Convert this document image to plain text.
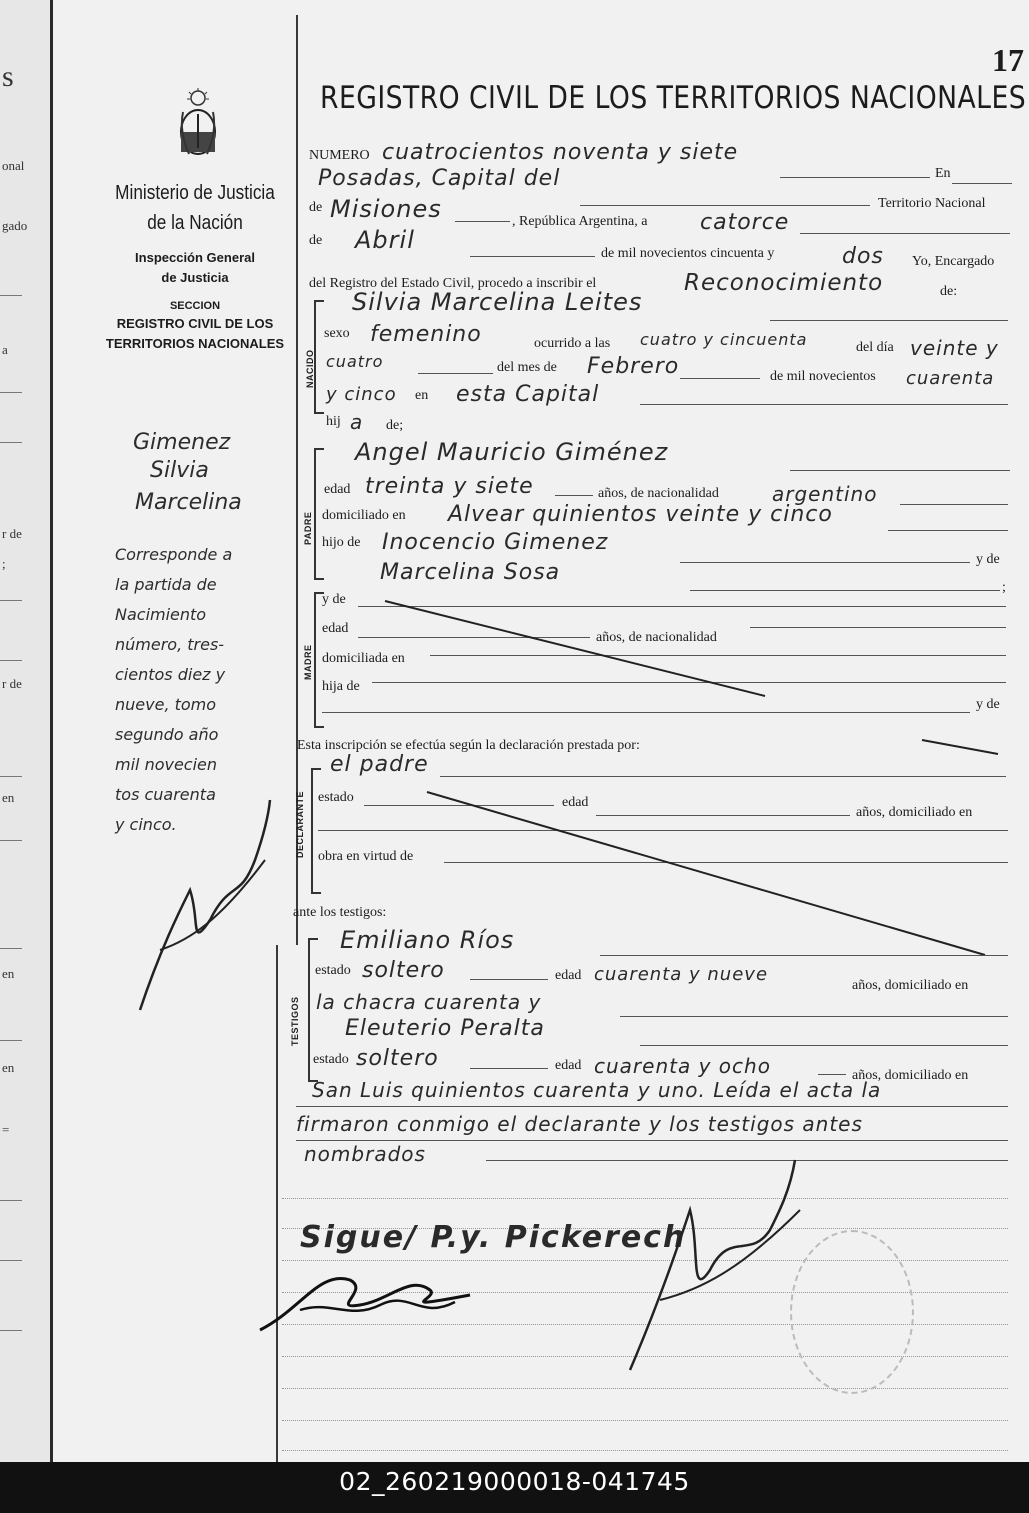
s
onal
gado
a
r de
;
r de
en
en
en
=
17
Ministerio de Justicia
de la Nación
Inspección General
de Justicia
SECCION
REGISTRO CIVIL DE LOS
TERRITORIOS NACIONALES
REGISTRO CIVIL DE LOS TERRITORIOS NACIONALES
NUMERO cuatrocientos noventa y siete
En
Posadas, Capital del
Territorio Nacional
de Misiones	, República Argentina, a catorce
de Abril	de mil novecientos cincuenta y	dos Yo, Encargado
del Registro del Estado Civil, procedo a inscribir el	Reconocimiento	de:
NACIDO
Silvia Marcelina Leites
sexo femenino	ocurrido a las cuatro y cincuenta	del día veinte y
cuatro	del mes de Febrero	de mil novecientos cuarenta
y cinco en esta Capital
hij a de;
PADRE
Angel Mauricio Giménez
edad treinta y siete	años, de nacionalidad	argentino
domiciliado en Alvear quinientos veinte y cinco
hijo de Inocencio Gimenez
y de
Marcelina Sosa
;
MADRE
y de
edad
años, de nacionalidad
domiciliada en
hija de
y de
Esta inscripción se efectúa según la declaración prestada por:
DECLARANTE
el padre
estado	edad
años, domiciliado en
obra en virtud de
ante los testigos:
TESTIGOS
Emiliano Ríos
estado soltero	edad cuarenta y nueve
años, domiciliado en
la chacra cuarenta y
Eleuterio Peralta
estado soltero	edad cuarenta y ocho	años, domiciliado en
San Luis quinientos cuarenta y uno. Leída el acta la
firmaron conmigo el declarante y los testigos antes
nombrados
Sigue/ P.y. Pickerech
Gimenez
Silvia
Marcelina
Corresponde a
la partida de
Nacimiento
número, tres-
cientos diez y
nueve, tomo
segundo año
mil novecien
tos cuarenta
y cinco.
02_260219000018-041745
